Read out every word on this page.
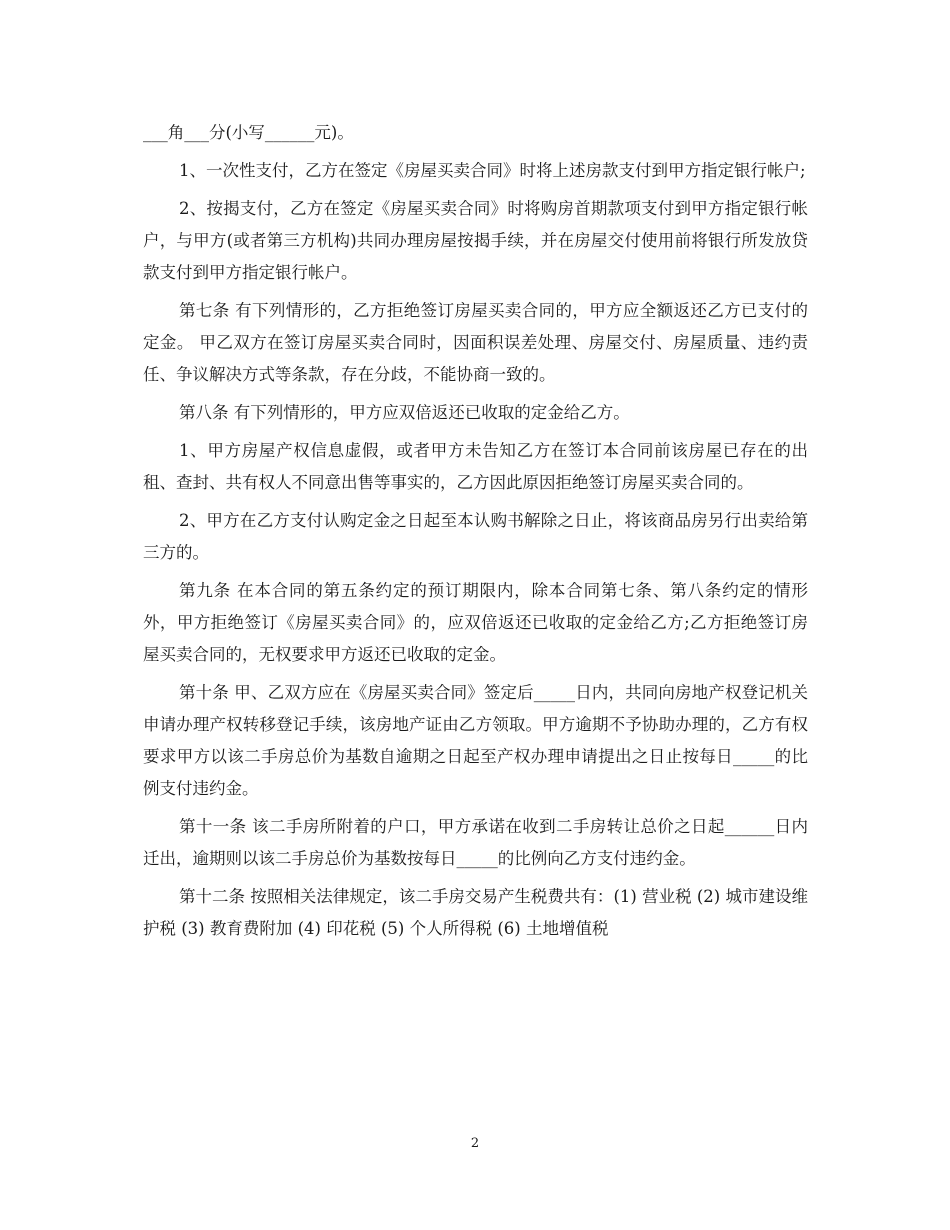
___角___分(小写______元)。

1、一次性支付，乙方在签定《房屋买卖合同》时将上述房款支付到甲方指定银行帐户;

2、按揭支付，乙方在签定《房屋买卖合同》时将购房首期款项支付到甲方指定银行帐户，与甲方(或者第三方机构)共同办理房屋按揭手续，并在房屋交付使用前将银行所发放贷款支付到甲方指定银行帐户。

第七条 有下列情形的，乙方拒绝签订房屋买卖合同的，甲方应全额返还乙方已支付的定金。 甲乙双方在签订房屋买卖合同时，因面积误差处理、房屋交付、房屋质量、违约责任、争议解决方式等条款，存在分歧，不能协商一致的。

第八条 有下列情形的，甲方应双倍返还已收取的定金给乙方。

1、甲方房屋产权信息虚假，或者甲方未告知乙方在签订本合同前该房屋已存在的出租、查封、共有权人不同意出售等事实的，乙方因此原因拒绝签订房屋买卖合同的。

2、甲方在乙方支付认购定金之日起至本认购书解除之日止，将该商品房另行出卖给第三方的。

第九条 在本合同的第五条约定的预订期限内，除本合同第七条、第八条约定的情形外，甲方拒绝签订《房屋买卖合同》的，应双倍返还已收取的定金给乙方;乙方拒绝签订房屋买卖合同的，无权要求甲方返还已收取的定金。

第十条 甲、乙双方应在《房屋买卖合同》签定后_____日内，共同向房地产权登记机关申请办理产权转移登记手续，该房地产证由乙方领取。甲方逾期不予协助办理的，乙方有权要求甲方以该二手房总价为基数自逾期之日起至产权办理申请提出之日止按每日_____的比例支付违约金。

第十一条 该二手房所附着的户口，甲方承诺在收到二手房转让总价之日起______日内迁出，逾期则以该二手房总价为基数按每日_____的比例向乙方支付违约金。

第十二条 按照相关法律规定，该二手房交易产生税费共有：(1) 营业税 (2) 城市建设维护税 (3) 教育费附加 (4) 印花税 (5) 个人所得税 (6) 土地增值税

2
